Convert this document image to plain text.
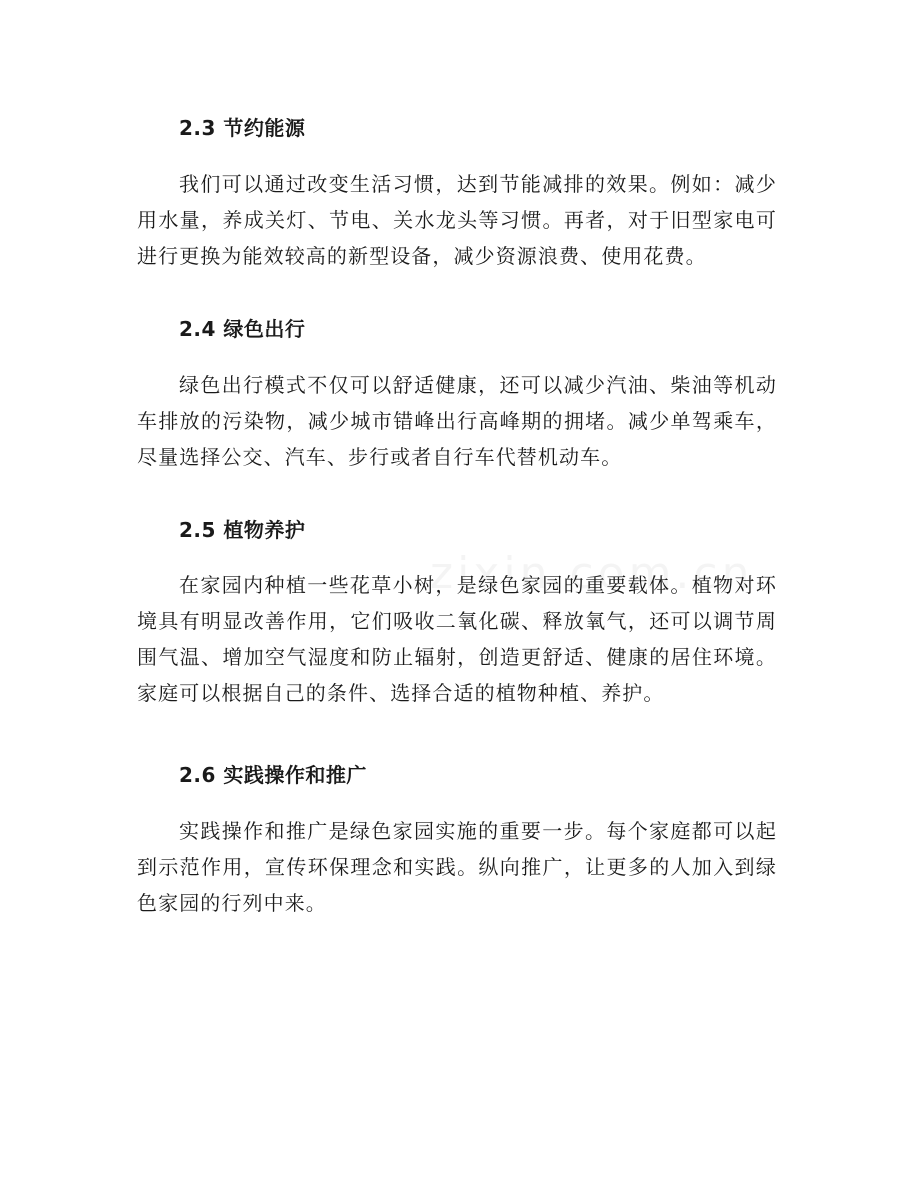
2.3 节约能源
我们可以通过改变生活习惯，达到节能减排的效果。例如：减少用水量，养成关灯、节电、关水龙头等习惯。再者，对于旧型家电可进行更换为能效较高的新型设备，减少资源浪费、使用花费。
2.4 绿色出行
绿色出行模式不仅可以舒适健康，还可以减少汽油、柴油等机动车排放的污染物，减少城市错峰出行高峰期的拥堵。减少单驾乘车，尽量选择公交、汽车、步行或者自行车代替机动车。
2.5 植物养护
在家园内种植一些花草小树，是绿色家园的重要载体。植物对环境具有明显改善作用，它们吸收二氧化碳、释放氧气，还可以调节周围气温、增加空气湿度和防止辐射，创造更舒适、健康的居住环境。家庭可以根据自己的条件、选择合适的植物种植、养护。
2.6 实践操作和推广
实践操作和推广是绿色家园实施的重要一步。每个家庭都可以起到示范作用，宣传环保理念和实践。纵向推广，让更多的人加入到绿色家园的行列中来。
